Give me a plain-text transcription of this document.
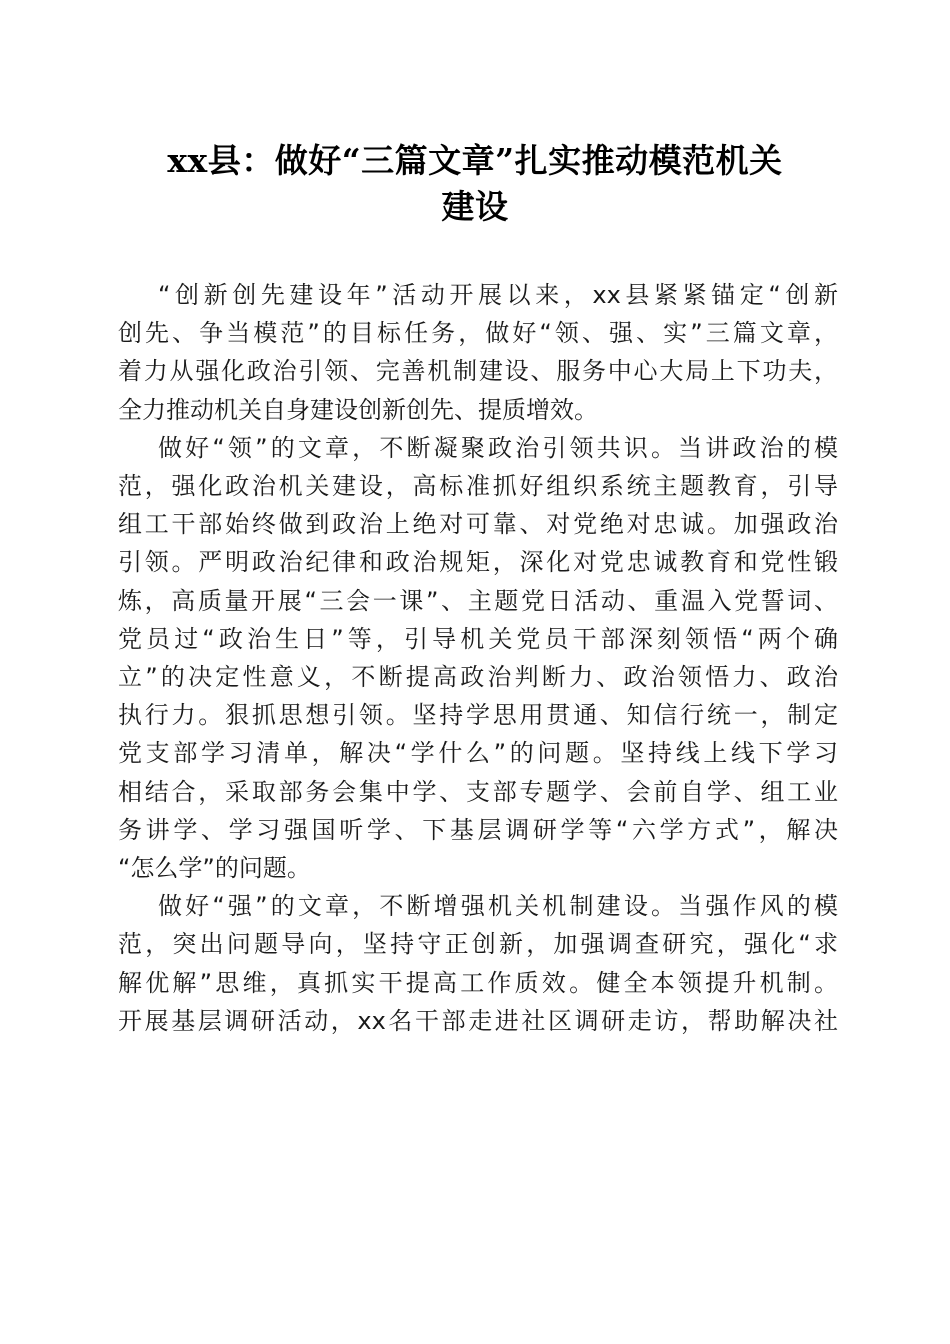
xx县：做好“三篇文章”扎实推动模范机关
建设
“创新创先建设年”活动开展以来，xx县紧紧锚定“创新
创先、争当模范”的目标任务，做好“领、强、实”三篇文章，
着力从强化政治引领、完善机制建设、服务中心大局上下功夫，
全力推动机关自身建设创新创先、提质增效。
做好“领”的文章，不断凝聚政治引领共识。当讲政治的模
范，强化政治机关建设，高标准抓好组织系统主题教育，引导
组工干部始终做到政治上绝对可靠、对党绝对忠诚。加强政治
引领。严明政治纪律和政治规矩，深化对党忠诚教育和党性锻
炼，高质量开展“三会一课”、主题党日活动、重温入党誓词、
党员过“政治生日”等，引导机关党员干部深刻领悟“两个确
立”的决定性意义，不断提高政治判断力、政治领悟力、政治
执行力。狠抓思想引领。坚持学思用贯通、知信行统一，制定
党支部学习清单，解决“学什么”的问题。坚持线上线下学习
相结合，采取部务会集中学、支部专题学、会前自学、组工业
务讲学、学习强国听学、下基层调研学等“六学方式”，解决
“怎么学”的问题。
做好“强”的文章，不断增强机关机制建设。当强作风的模
范，突出问题导向，坚持守正创新，加强调查研究，强化“求
解优解”思维，真抓实干提高工作质效。健全本领提升机制。
开展基层调研活动，xx名干部走进社区调研走访，帮助解决社
